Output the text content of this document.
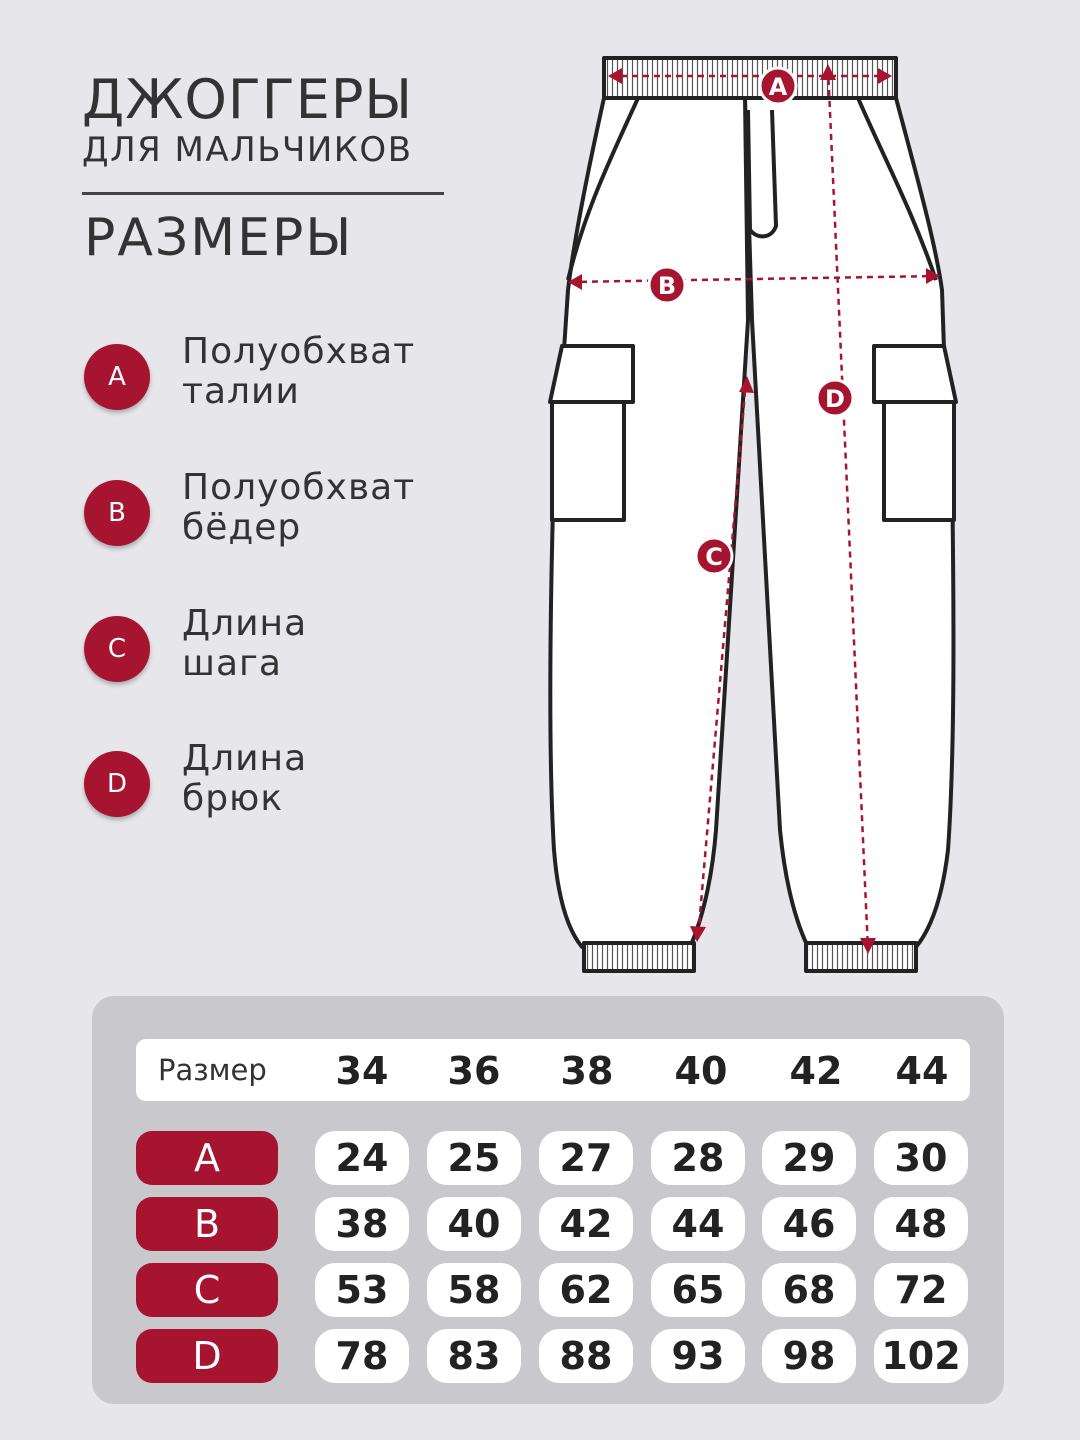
ДЖОГГЕРЫ
ДЛЯ МАЛЬЧИКОВ
РАЗМЕРЫ
A
Полуобхват
талии
B
Полуобхват
бёдер
C
Длина
шага
D
Длина
брюк
A
B
C
D
Размер	34	36	38	40	42	44
A	24	25	27	28	29	30
B	38	40	42	44	46	48
C	53	58	62	65	68	72
D	78	83	88	93	98	102
